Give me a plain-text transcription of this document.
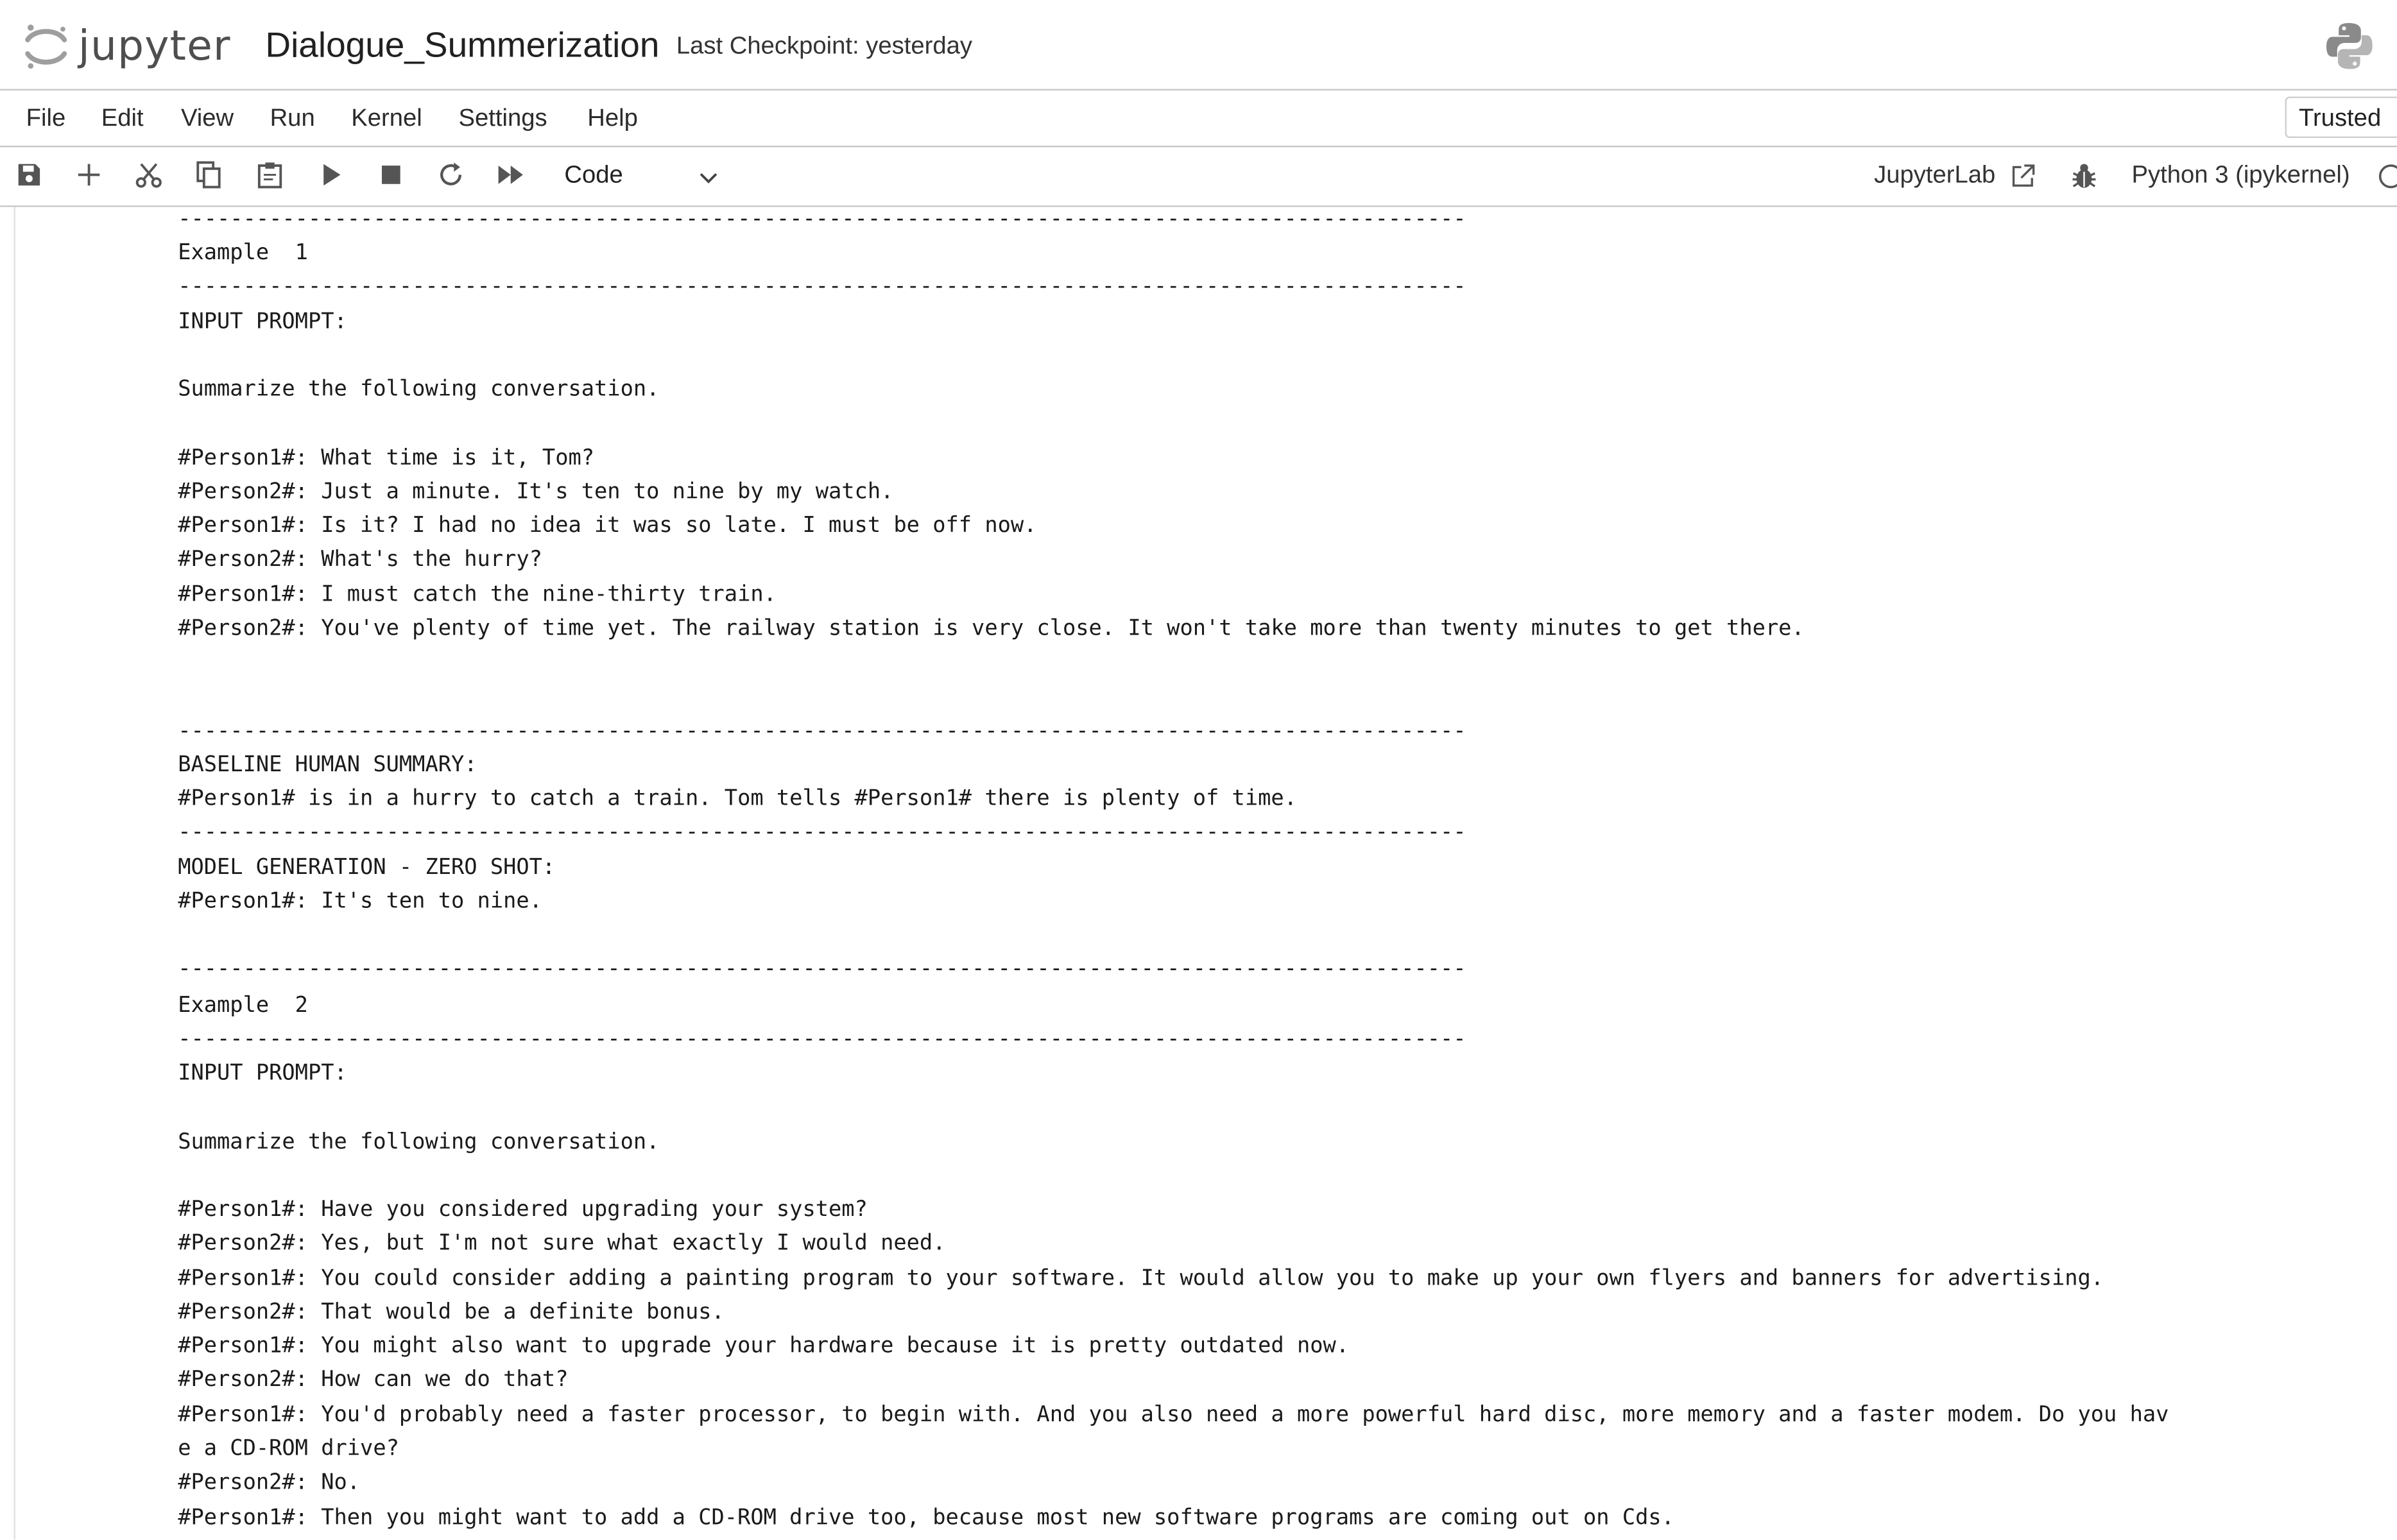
jupyter Dialogue_Summerization Last Checkpoint: yesterday
File	Edit	View	Run	Kernel	Settings	Help	Trusted
Code	JupyterLab	Python 3 (ipykernel)
---------------------------------------------------------------------------------------------------
Example  1
---------------------------------------------------------------------------------------------------
INPUT PROMPT:
Summarize the following conversation.
#Person1#: What time is it, Tom?
#Person2#: Just a minute. It's ten to nine by my watch.
#Person1#: Is it? I had no idea it was so late. I must be off now.
#Person2#: What's the hurry?
#Person1#: I must catch the nine-thirty train.
#Person2#: You've plenty of time yet. The railway station is very close. It won't take more than twenty minutes to get there.
---------------------------------------------------------------------------------------------------
BASELINE HUMAN SUMMARY:
#Person1# is in a hurry to catch a train. Tom tells #Person1# there is plenty of time.
---------------------------------------------------------------------------------------------------
MODEL GENERATION - ZERO SHOT:
#Person1#: It's ten to nine.
---------------------------------------------------------------------------------------------------
Example  2
---------------------------------------------------------------------------------------------------
INPUT PROMPT:
Summarize the following conversation.
#Person1#: Have you considered upgrading your system?
#Person2#: Yes, but I'm not sure what exactly I would need.
#Person1#: You could consider adding a painting program to your software. It would allow you to make up your own flyers and banners for advertising.
#Person2#: That would be a definite bonus.
#Person1#: You might also want to upgrade your hardware because it is pretty outdated now.
#Person2#: How can we do that?
#Person1#: You'd probably need a faster processor, to begin with. And you also need a more powerful hard disc, more memory and a faster modem. Do you hav
e a CD-ROM drive?
#Person2#: No.
#Person1#: Then you might want to add a CD-ROM drive too, because most new software programs are coming out on Cds.
